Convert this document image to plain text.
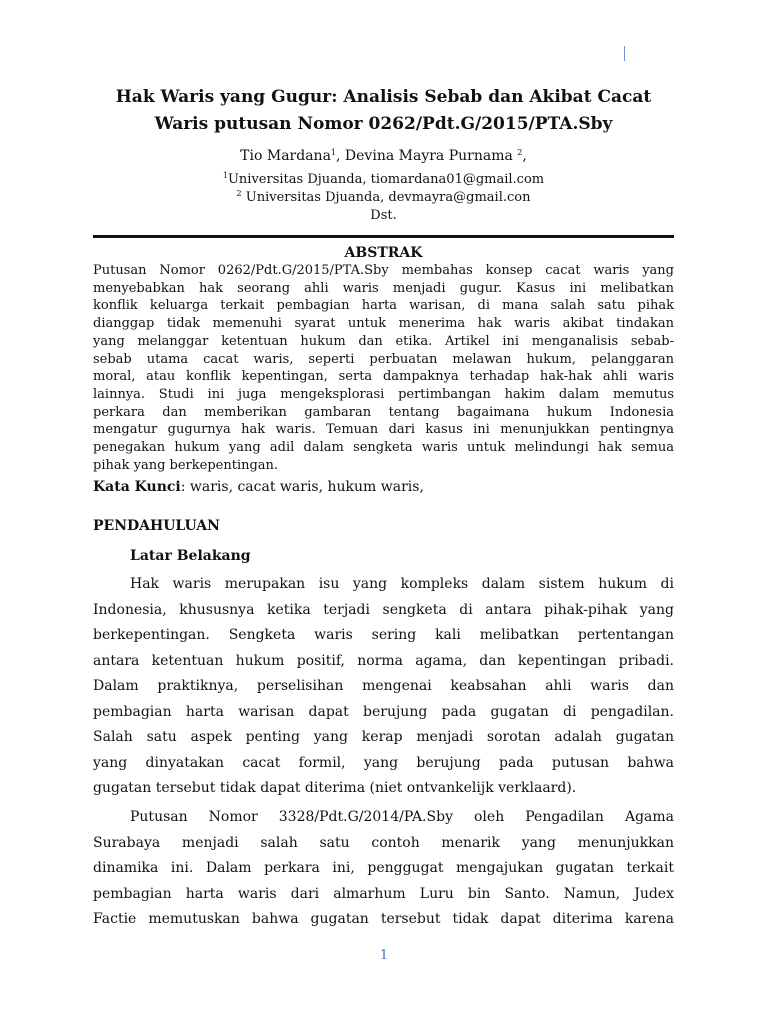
Hak Waris yang Gugur: Analisis Sebab dan Akibat Cacat
Waris putusan Nomor 0262/Pdt.G/2015/PTA.Sby
Tio Mardana$^1$, Devina Mayra Purnama $^2$,
$^1$Universitas Djuanda, tiomardana01@gmail.com
$^2$ Universitas Djuanda, devmayra@gmail.con
Dst.
ABSTRAK
Putusan Nomor 0262/Pdt.G/2015/PTA.Sby membahas konsep cacat waris yang
menyebabkan hak seorang ahli waris menjadi gugur. Kasus ini melibatkan
konflik keluarga terkait pembagian harta warisan, di mana salah satu pihak
dianggap tidak memenuhi syarat untuk menerima hak waris akibat tindakan
yang melanggar ketentuan hukum dan etika. Artikel ini menganalisis sebab-
sebab utama cacat waris, seperti perbuatan melawan hukum, pelanggaran
moral, atau konflik kepentingan, serta dampaknya terhadap hak-hak ahli waris
lainnya. Studi ini juga mengeksplorasi pertimbangan hakim dalam memutus
perkara dan memberikan gambaran tentang bagaimana hukum Indonesia
mengatur gugurnya hak waris. Temuan dari kasus ini menunjukkan pentingnya
penegakan hukum yang adil dalam sengketa waris untuk melindungi hak semua
pihak yang berkepentingan.
Kata Kunci: waris, cacat waris, hukum waris,
PENDAHULUAN
Latar Belakang
Hak waris merupakan isu yang kompleks dalam sistem hukum di
Indonesia, khususnya ketika terjadi sengketa di antara pihak-pihak yang
berkepentingan. Sengketa waris sering kali melibatkan pertentangan
antara ketentuan hukum positif, norma agama, dan kepentingan pribadi.
Dalam praktiknya, perselisihan mengenai keabsahan ahli waris dan
pembagian harta warisan dapat berujung pada gugatan di pengadilan.
Salah satu aspek penting yang kerap menjadi sorotan adalah gugatan
yang dinyatakan cacat formil, yang berujung pada putusan bahwa
gugatan tersebut tidak dapat diterima (niet ontvankelijk verklaard).
Putusan Nomor 3328/Pdt.G/2014/PA.Sby oleh Pengadilan Agama
Surabaya menjadi salah satu contoh menarik yang menunjukkan
dinamika ini. Dalam perkara ini, penggugat mengajukan gugatan terkait
pembagian harta waris dari almarhum Luru bin Santo. Namun, Judex
Factie memutuskan bahwa gugatan tersebut tidak dapat diterima karena
1
